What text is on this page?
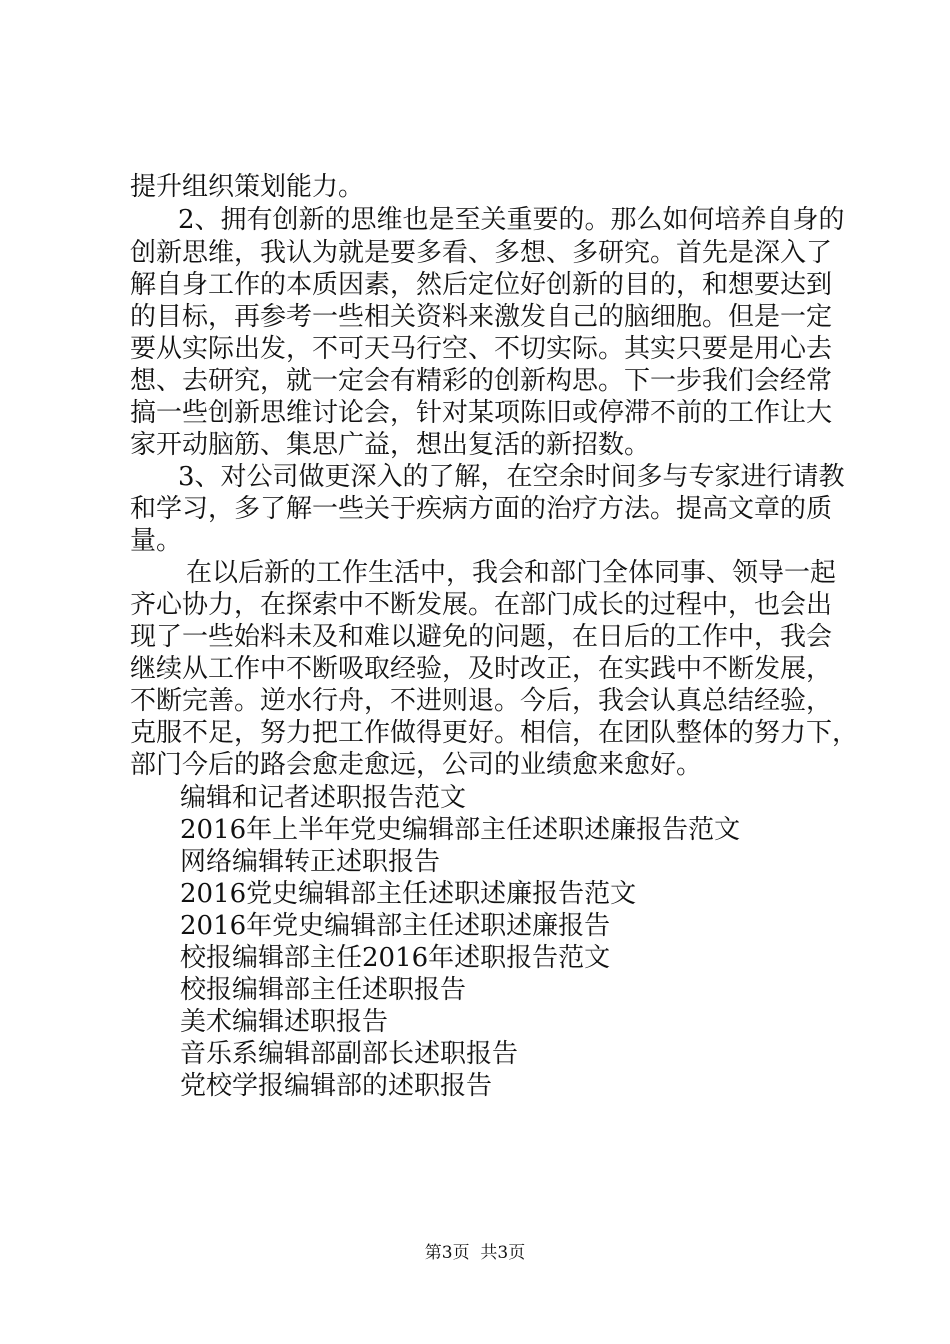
提升组织策划能力。
2、拥有创新的思维也是至关重要的。那么如何培养自身的
创新思维，我认为就是要多看、多想、多研究。首先是深入了
解自身工作的本质因素，然后定位好创新的目的，和想要达到
的目标，再参考一些相关资料来激发自己的脑细胞。但是一定
要从实际出发，不可天马行空、不切实际。其实只要是用心去
想、去研究，就一定会有精彩的创新构思。下一步我们会经常
搞一些创新思维讨论会，针对某项陈旧或停滞不前的工作让大
家开动脑筋、集思广益，想出复活的新招数。
3、对公司做更深入的了解，在空余时间多与专家进行请教
和学习，多了解一些关于疾病方面的治疗方法。提高文章的质
量。
在以后新的工作生活中，我会和部门全体同事、领导一起
齐心协力，在探索中不断发展。在部门成长的过程中，也会出
现了一些始料未及和难以避免的问题，在日后的工作中，我会
继续从工作中不断吸取经验，及时改正，在实践中不断发展，
不断完善。逆水行舟，不进则退。今后，我会认真总结经验，
克服不足，努力把工作做得更好。相信，在团队整体的努力下，
部门今后的路会愈走愈远，公司的业绩愈来愈好。
编辑和记者述职报告范文
2016年上半年党史编辑部主任述职述廉报告范文
网络编辑转正述职报告
2016党史编辑部主任述职述廉报告范文
2016年党史编辑部主任述职述廉报告
校报编辑部主任2016年述职报告范文
校报编辑部主任述职报告
美术编辑述职报告
音乐系编辑部副部长述职报告
党校学报编辑部的述职报告
第3页  共3页
